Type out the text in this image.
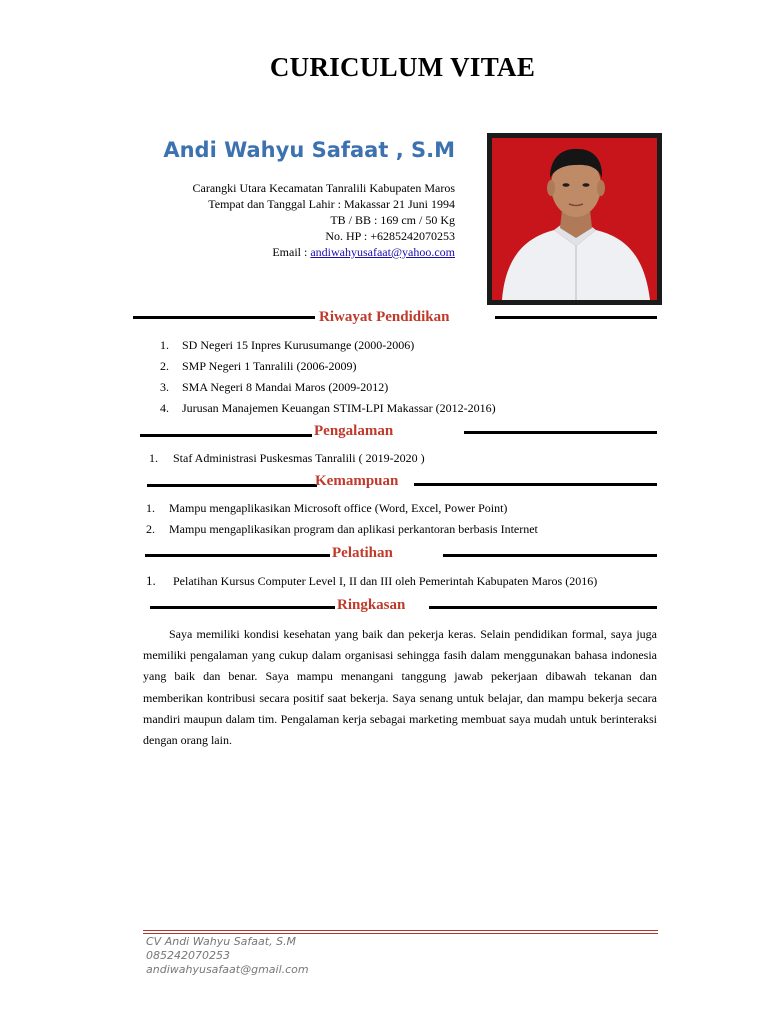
CURICULUM VITAE
Andi Wahyu Safaat , S.M
Carangki Utara Kecamatan Tanralili Kabupaten Maros
Tempat dan Tanggal Lahir : Makassar 21 Juni 1994
TB / BB : 169 cm / 50 Kg
No. HP : +6285242070253
Email : andiwahyusafaat@yahoo.com
Riwayat Pendidikan
1. SD Negeri 15 Inpres Kurusumange (2000-2006)
2. SMP Negeri 1 Tanralili (2006-2009)
3. SMA Negeri 8 Mandai Maros (2009-2012)
4. Jurusan Manajemen Keuangan STIM-LPI Makassar (2012-2016)
Pengalaman
1. Staf Administrasi Puskesmas Tanralili ( 2019-2020 )
Kemampuan
1. Mampu mengaplikasikan Microsoft office (Word, Excel, Power Point)
2. Mampu mengaplikasikan program dan aplikasi perkantoran berbasis Internet
Pelatihan
1. Pelatihan Kursus Computer Level I, II dan III oleh Pemerintah Kabupaten Maros (2016)
Ringkasan
Saya memiliki kondisi kesehatan yang baik dan pekerja keras. Selain pendidikan formal, saya juga memiliki pengalaman yang cukup dalam organisasi sehingga fasih dalam menggunakan bahasa indonesia yang baik dan benar. Saya mampu menangani tanggung jawab pekerjaan dibawah tekanan dan memberikan kontribusi secara positif saat bekerja. Saya senang untuk belajar, dan mampu bekerja secara mandiri maupun dalam tim. Pengalaman kerja sebagai marketing membuat saya mudah untuk berinteraksi dengan orang lain.
CV Andi Wahyu Safaat, S.M
085242070253
andiwahyusafaat@gmail.com
